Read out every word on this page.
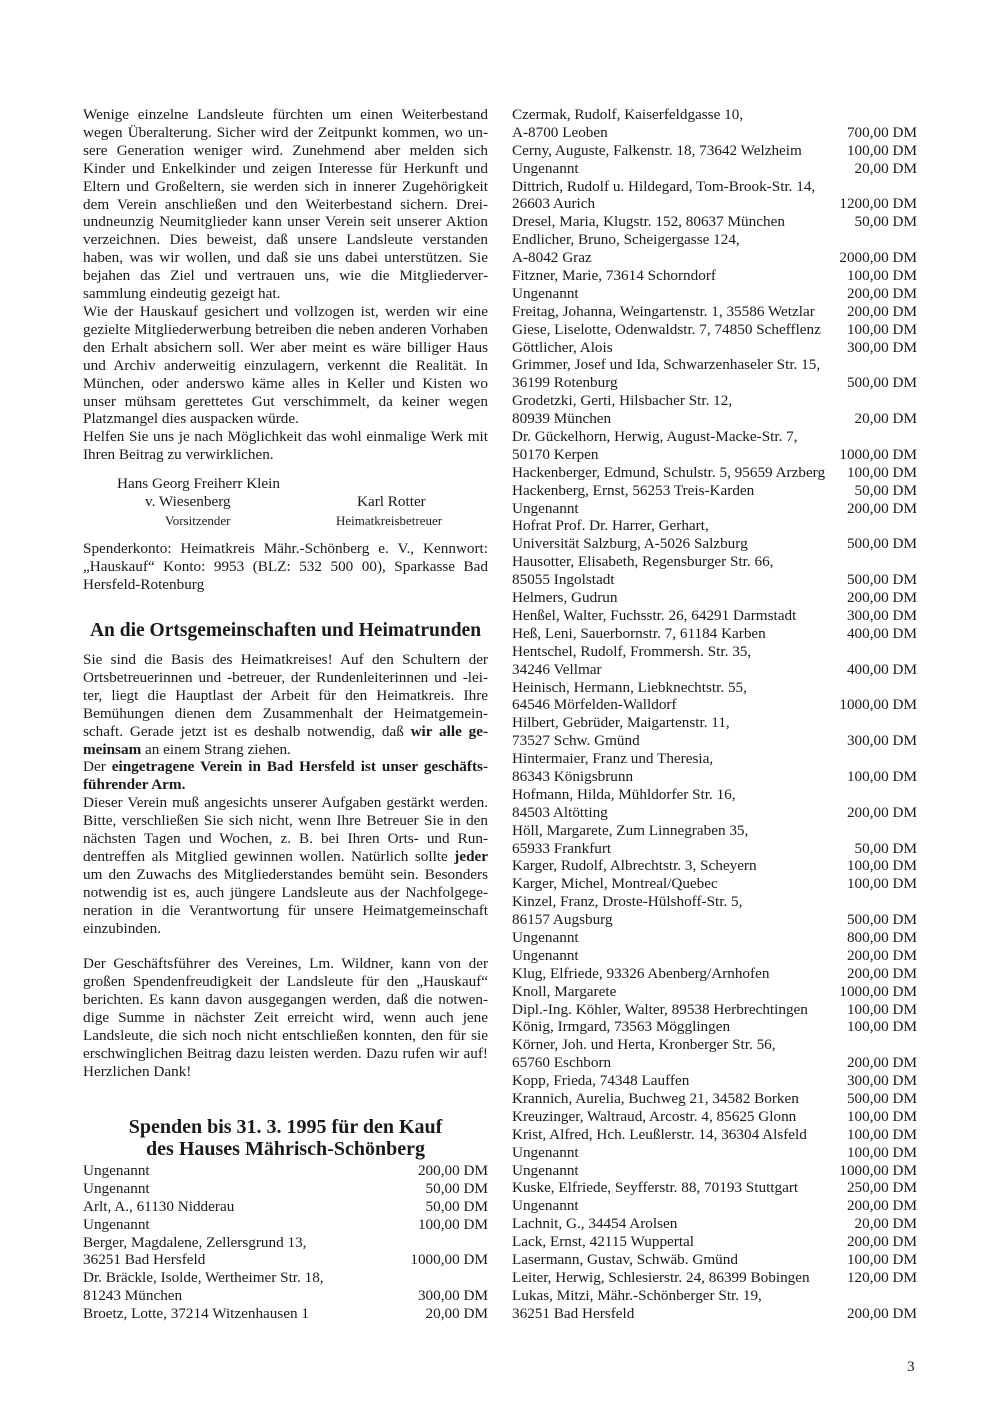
Wenige einzelne Landsleute fürchten um einen Weiterbestand wegen Überalterung. Sicher wird der Zeitpunkt kommen, wo unsere Generation weniger wird. Zunehmend aber melden sich Kinder und Enkelkinder und zeigen Interesse für Herkunft und Eltern und Großeltern, sie werden sich in innerer Zugehörigkeit dem Verein anschließen und den Weiterbestand sichern. Dreiundneunzig Neumitglieder kann unser Verein seit unserer Aktion verzeichnen. Dies beweist, daß unsere Landsleute verstanden haben, was wir wollen, und daß sie uns dabei unterstützen. Sie bejahen das Ziel und vertrauen uns, wie die Mitgliederversammlung eindeutig gezeigt hat.

Wie der Hauskauf gesichert und vollzogen ist, werden wir eine gezielte Mitgliederwerbung betreiben die neben anderen Vorhaben den Erhalt absichern soll. Wer aber meint es wäre billiger Haus und Archiv anderweitig einzulagern, verkennt die Realität. In München, oder anderswo käme alles in Keller und Kisten wo unser mühsam gerettetes Gut verschimmelt, da keiner wegen Platzmangel dies auspacken würde.

Helfen Sie uns je nach Möglichkeit das wohl einmalige Werk mit Ihren Beitrag zu verwirklichen.

Hans Georg Freiherr Klein
v. Wiesenberg
Vorsitzender
Karl Rotter
Heimatkreisbetreuer

Spenderkonto: Heimatkreis Mähr.-Schönberg e. V., Kennwort: „Hauskauf“ Konto: 9953 (BLZ: 532 500 00), Sparkasse Bad Hersfeld-Rotenburg

An die Ortsgemeinschaften und Heimatrunden

Sie sind die Basis des Heimatkreises! Auf den Schultern der Ortsbetreuerinnen und -betreuer, der Rundenleiterinnen und -leiter, liegt die Hauptlast der Arbeit für den Heimatkreis. Ihre Bemühungen dienen dem Zusammenhalt der Heimatgemeinschaft. Gerade jetzt ist es deshalb notwendig, daß wir alle gemeinsam an einem Strang ziehen.

Der eingetragene Verein in Bad Hersfeld ist unser geschäftsführender Arm.

Dieser Verein muß angesichts unserer Aufgaben gestärkt werden. Bitte, verschließen Sie sich nicht, wenn Ihre Betreuer Sie in den nächsten Tagen und Wochen, z. B. bei Ihren Orts- und Rundentreffen als Mitglied gewinnen wollen. Natürlich sollte jeder um den Zuwachs des Mitgliederstandes bemüht sein. Besonders notwendig ist es, auch jüngere Landsleute aus der Nachfolgegeneration in die Verantwortung für unsere Heimatgemeinschaft einzubinden.

Der Geschäftsführer des Vereines, Lm. Wildner, kann von der großen Spendenfreudigkeit der Landsleute für den „Hauskauf“ berichten. Es kann davon ausgegangen werden, daß die notwendige Summe in nächster Zeit erreicht wird, wenn auch jene Landsleute, die sich noch nicht entschließen konnten, den für sie erschwinglichen Beitrag dazu leisten werden. Dazu rufen wir auf! Herzlichen Dank!

Spenden bis 31. 3. 1995 für den Kauf
des Hauses Mährisch-Schönberg
Ungenannt	200,00 DM
Ungenannt	50,00 DM
Arlt, A., 61130 Nidderau	50,00 DM
Ungenannt	100,00 DM
Berger, Magdalene, Zellersgrund 13,
36251 Bad Hersfeld	1000,00 DM
Dr. Bräckle, Isolde, Wertheimer Str. 18,
81243 München	300,00 DM
Broetz, Lotte, 37214 Witzenhausen 1	20,00 DM
Czermak, Rudolf, Kaiserfeldgasse 10,
A-8700 Leoben	700,00 DM
Cerny, Auguste, Falkenstr. 18, 73642 Welzheim	100,00 DM
Ungenannt	20,00 DM
Dittrich, Rudolf u. Hildegard, Tom-Brook-Str. 14,
26603 Aurich	1200,00 DM
Dresel, Maria, Klugstr. 152, 80637 München	50,00 DM
Endlicher, Bruno, Scheigergasse 124,
A-8042 Graz	2000,00 DM
Fitzner, Marie, 73614 Schorndorf	100,00 DM
Ungenannt	200,00 DM
Freitag, Johanna, Weingartenstr. 1, 35586 Wetzlar 200,00 DM
Giese, Liselotte, Odenwaldstr. 7, 74850 Schefflenz 100,00 DM
Göttlicher, Alois	300,00 DM
Grimmer, Josef und Ida, Schwarzenhaseler Str. 15,
36199 Rotenburg	500,00 DM
Grodetzki, Gerti, Hilsbacher Str. 12,
80939 München	20,00 DM
Dr. Gückelhorn, Herwig, August-Macke-Str. 7,
50170 Kerpen	1000,00 DM
Hackenberger, Edmund, Schulstr. 5, 95659 Arzberg 100,00 DM
Hackenberg, Ernst, 56253 Treis-Karden	50,00 DM
Ungenannt	200,00 DM
Hofrat Prof. Dr. Harrer, Gerhart,
Universität Salzburg, A-5026 Salzburg	500,00 DM
Hausotter, Elisabeth, Regensburger Str. 66,
85055 Ingolstadt	500,00 DM
Helmers, Gudrun	200,00 DM
Henßel, Walter, Fuchsstr. 26, 64291 Darmstadt	300,00 DM
Heß, Leni, Sauerbornstr. 7, 61184 Karben	400,00 DM
Hentschel, Rudolf, Frommersh. Str. 35,
34246 Vellmar	400,00 DM
Heinisch, Hermann, Liebknechtstr. 55,
64546 Mörfelden-Walldorf	1000,00 DM
Hilbert, Gebrüder, Maigartenstr. 11,
73527 Schw. Gmünd	300,00 DM
Hintermaier, Franz und Theresia,
86343 Königsbrunn	100,00 DM
Hofmann, Hilda, Mühldorfer Str. 16,
84503 Altötting	200,00 DM
Höll, Margarete, Zum Linnegraben 35,
65933 Frankfurt	50,00 DM
Karger, Rudolf, Albrechtstr. 3, Scheyern	100,00 DM
Karger, Michel, Montreal/Quebec	100,00 DM
Kinzel, Franz, Droste-Hülshoff-Str. 5,
86157 Augsburg	500,00 DM
Ungenannt	800,00 DM
Ungenannt	200,00 DM
Klug, Elfriede, 93326 Abenberg/Arnhofen	200,00 DM
Knoll, Margarete	1000,00 DM
Dipl.-Ing. Köhler, Walter, 89538 Herbrechtingen	100,00 DM
König, Irmgard, 73563 Mögglingen	100,00 DM
Körner, Joh. und Herta, Kronberger Str. 56,
65760 Eschborn	200,00 DM
Kopp, Frieda, 74348 Lauffen	300,00 DM
Krannich, Aurelia, Buchweg 21, 34582 Borken	500,00 DM
Kreuzinger, Waltraud, Arcostr. 4, 85625 Glonn	100,00 DM
Krist, Alfred, Hch. Leußlerstr. 14, 36304 Alsfeld	100,00 DM
Ungenannt	100,00 DM
Ungenannt	1000,00 DM
Kuske, Elfriede, Seyfferstr. 88, 70193 Stuttgart	250,00 DM
Ungenannt	200,00 DM
Lachnit, G., 34454 Arolsen	20,00 DM
Lack, Ernst, 42115 Wuppertal	200,00 DM
Lasermann, Gustav, Schwäb. Gmünd	100,00 DM
Leiter, Herwig, Schlesierstr. 24, 86399 Bobingen 120,00 DM
Lukas, Mitzi, Mähr.-Schönberger Str. 19,
36251 Bad Hersfeld	200,00 DM
3
